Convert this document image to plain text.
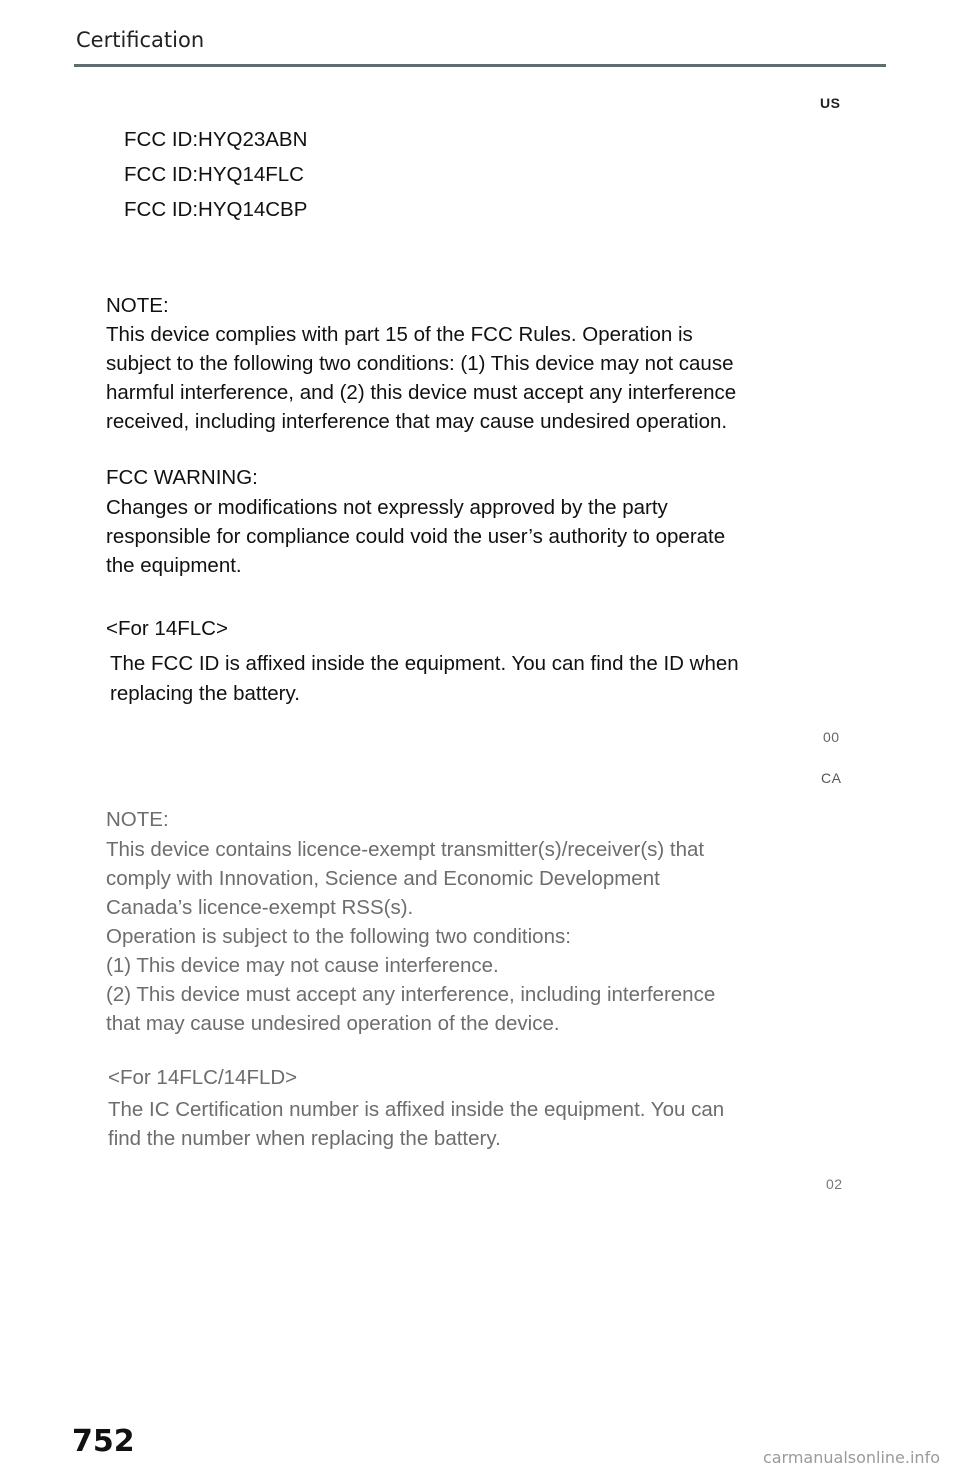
Certification
US
FCC ID:HYQ23ABN
FCC ID:HYQ14FLC
FCC ID:HYQ14CBP
NOTE:
This device complies with part 15 of the FCC Rules. Operation is
subject to the following two conditions: (1) This device may not cause
harmful interference, and (2) this device must accept any interference
received, including interference that may cause undesired operation.
FCC WARNING:
Changes or modifications not expressly approved by the party
responsible for compliance could void the user’s authority to operate
the equipment.
<For 14FLC>
The FCC ID is affixed inside the equipment. You can find the ID when
replacing the battery.
00
CA
NOTE:
This device contains licence-exempt transmitter(s)/receiver(s) that
comply with Innovation, Science and Economic Development
Canada’s licence-exempt RSS(s).
Operation is subject to the following two conditions:
(1) This device may not cause interference.
(2) This device must accept any interference, including interference
that may cause undesired operation of the device.
<For 14FLC/14FLD>
The IC Certification number is affixed inside the equipment. You can
find the number when replacing the battery.
02
752	carmanualsonline.info
